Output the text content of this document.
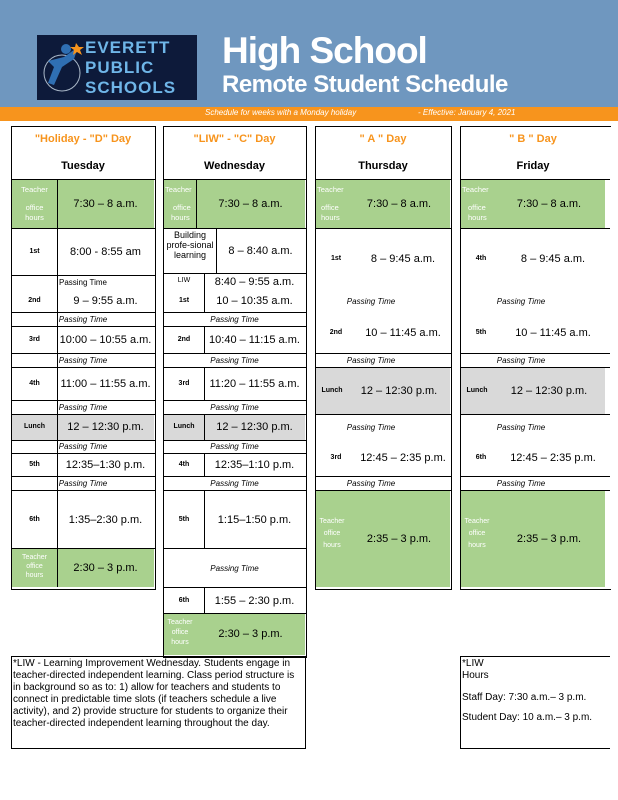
EVERETT
PUBLIC
SCHOOLS
High School
Remote Student Schedule
Schedule for weeks with a Monday holiday	- Effective: January 4, 2021
"Holiday - "D" Day
Tuesday
Teacher
office
hours
7:30 – 8 a.m.
1st	8:00 - 8:55 am
Passing Time
2nd	9 – 9:55 a.m.
Passing Time
3rd	10:00 – 10:55 a.m.
Passing Time
4th	11:00 – 11:55 a.m.
Passing Time
Lunch	12 – 12:30 p.m.
Passing Time
5th	12:35–1:30 p.m.
Passing Time
6th	1:35–2:30 p.m.
Teacher
office
hours
2:30 – 3 p.m.
"LIW" - "C" Day
Wednesday
Teacher
office
hours
7:30 – 8 a.m.
Building profe-sional learning	8 – 8:40 a.m.
LIW	8:40 – 9:55 a.m.
1st	10 – 10:35 a.m.
Passing Time
2nd	10:40 – 11:15 a.m.
Passing Time
3rd	11:20 – 11:55 a.m.
Passing Time
Lunch	12 – 12:30 p.m.
Passing Time
4th	12:35–1:10 p.m.
Passing Time
5th	1:15–1:50 p.m.
Passing Time
6th	1:55 – 2:30 p.m.
Teacher
office
hours
2:30 – 3 p.m.
" A " Day
Thursday
Teacher
office
hours
7:30 – 8 a.m.
1st	8 – 9:45 a.m.
Passing Time
2nd	10 – 11:45 a.m.
Passing Time
Lunch	12 – 12:30 p.m.
Passing Time
3rd	12:45 – 2:35 p.m.
Passing Time
Teacher
office
hours
2:35 – 3 p.m.
" B " Day
Friday
Teacher
office
hours
7:30 – 8 a.m.
4th	8 – 9:45 a.m.
Passing Time
5th	10 – 11:45 a.m.
Passing Time
Lunch	12 – 12:30 p.m.
Passing Time
6th	12:45 – 2:35 p.m.
Passing Time
Teacher
office
hours
2:35 – 3 p.m.
*LIW - Learning Improvement Wednesday. Students engage in teacher-directed independent learning. Class period structure is in background so as to: 1) allow for teachers and students to connect in predictable time slots (if teachers schedule a live activity), and 2) provide structure for students to organize their teacher-directed independent learning throughout the day.
*LIW
Hours
Staff Day: 7:30 a.m.– 3 p.m.
Student Day: 10 a.m.– 3 p.m.
